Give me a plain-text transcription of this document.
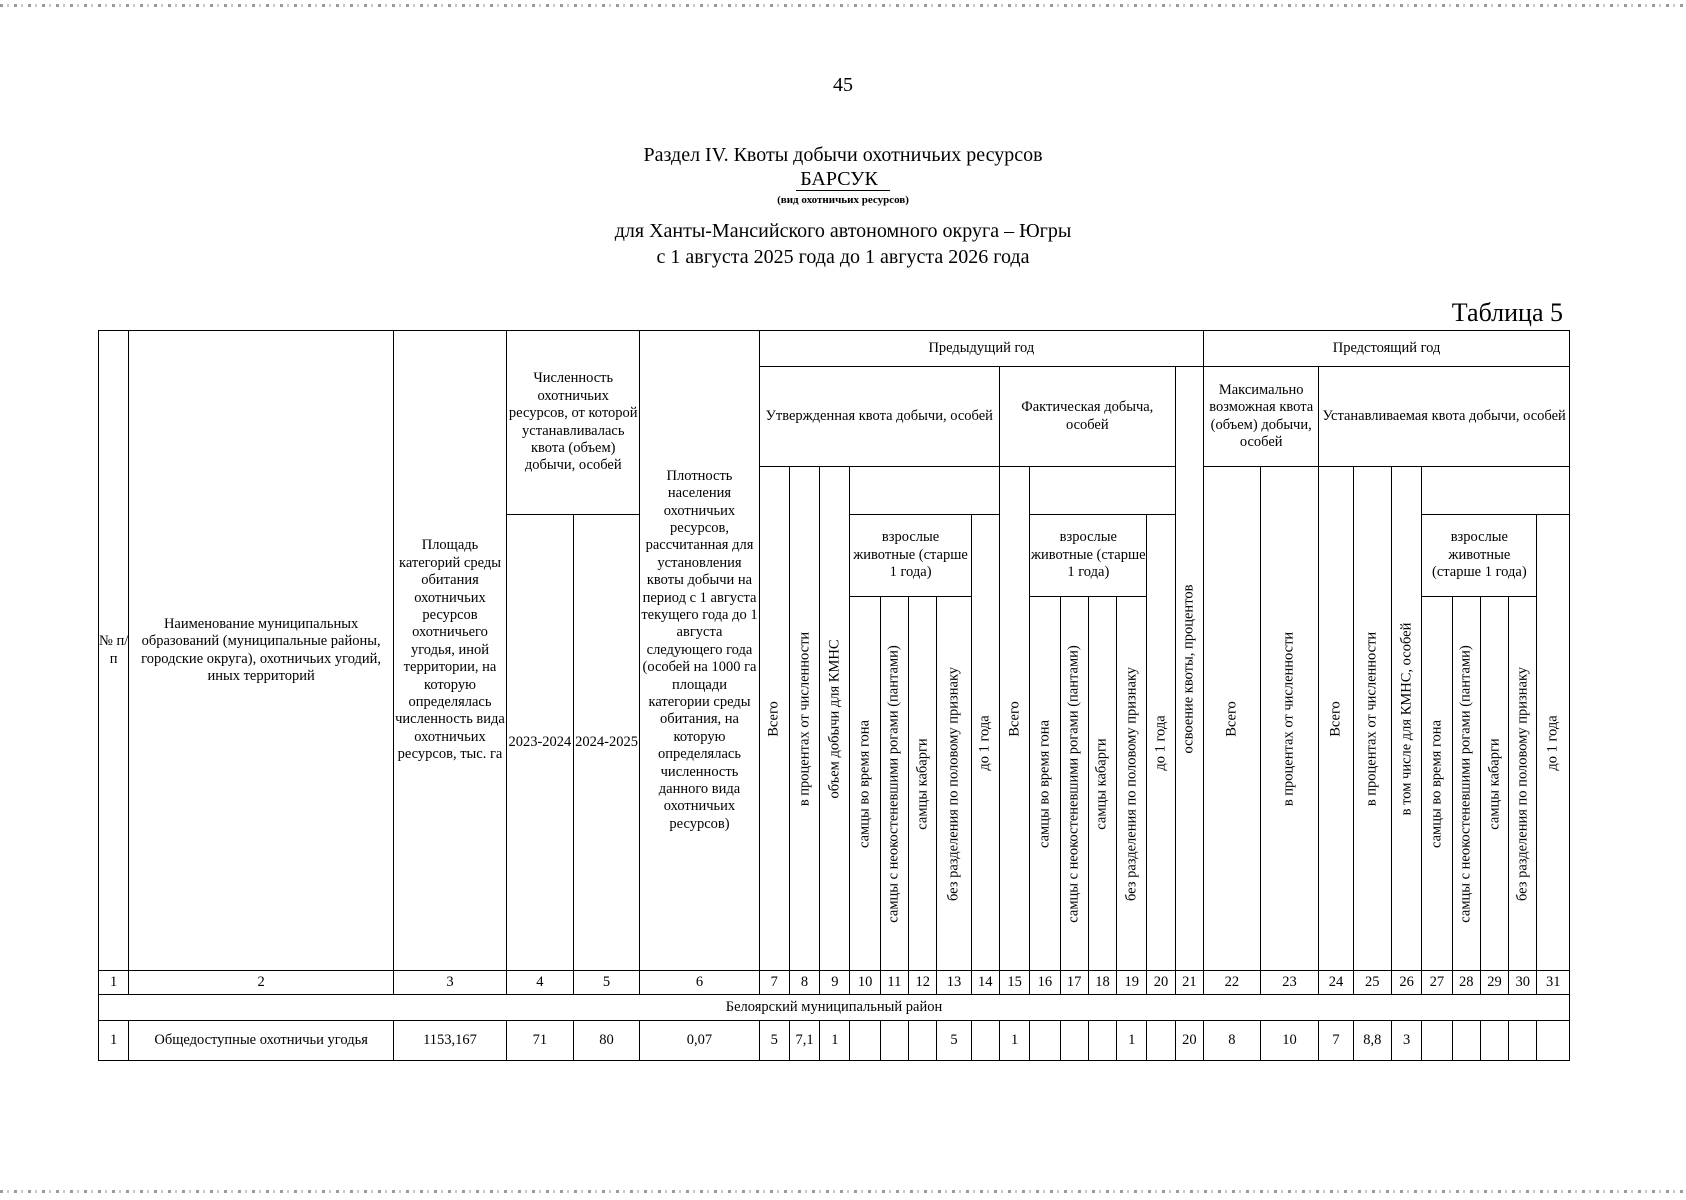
45
Раздел IV. Квоты добычи охотничьих ресурсов
БАРСУК
(вид охотничьих ресурсов)
для Ханты-Мансийского автономного округа – Югры
с 1 августа 2025 года до 1 августа 2026 года
Таблица 5
№ п/п	Наименование муниципальных образований (муниципальные районы, городские округа), охотничьих угодий, иных территорий	Площадь категорий среды обитания охотничьих ресурсов охотничьего угодья, иной территории, на которую определялась численность вида охотничьих ресурсов, тыс. га	Численность охотничьих ресурсов, от которой устанавливалась квота (объем) добычи, особей		Плотность населения охотничьих ресурсов, рассчитанная для установления квоты добычи на период с 1 августа текущего года до 1 августа следующего года (особей на 1000 га площади категории среды обитания, на которую определялась численность данного вида охотничьих ресурсов)	Предыдущий год															Предстоящий год									
						Утвержденная квота добычи, особей								Фактическая добыча, особей						освоение квоты, процентов	Максимально возможная квота (объем) добычи, особей		Устанавливаемая квота добычи, особей							

						Всего	в процентах от численности	объем добычи для КМНС						Всего							Всего	в процентах от численности	Всего	в процентах от численности	в том числе для КМНС, особей					

			2023-2024	2024-2025					взрослые животные (старше 1 года)				до 1 года		взрослые животные (старше 1 года)				до 1 года							взрослые животные (старше 1 года)				до 1 года

									самцы во время гона	самцы с неокостеневшими рогами (пантами)	самцы кабарги	без разделения по половому признаку			самцы во время гона	самцы с неокостеневшими рогами (пантами)	самцы кабарги	без разделения по половому признаку								самцы во время гона	самцы с неокостеневшими рогами (пантами)	самцы кабарги	без разделения по половому признаку	

1	2	3	4	5	6	7	8	9	10	11	12	13	14	15	16	17	18	19	20	21	22	23	24	25	26	27	28	29	30	31
Белоярский муниципальный район																														
1	Общедоступные охотничьи угодья	1153,167	71	80	0,07	5	7,1	1				5		1				1		20	8	10	7	8,8	3					
